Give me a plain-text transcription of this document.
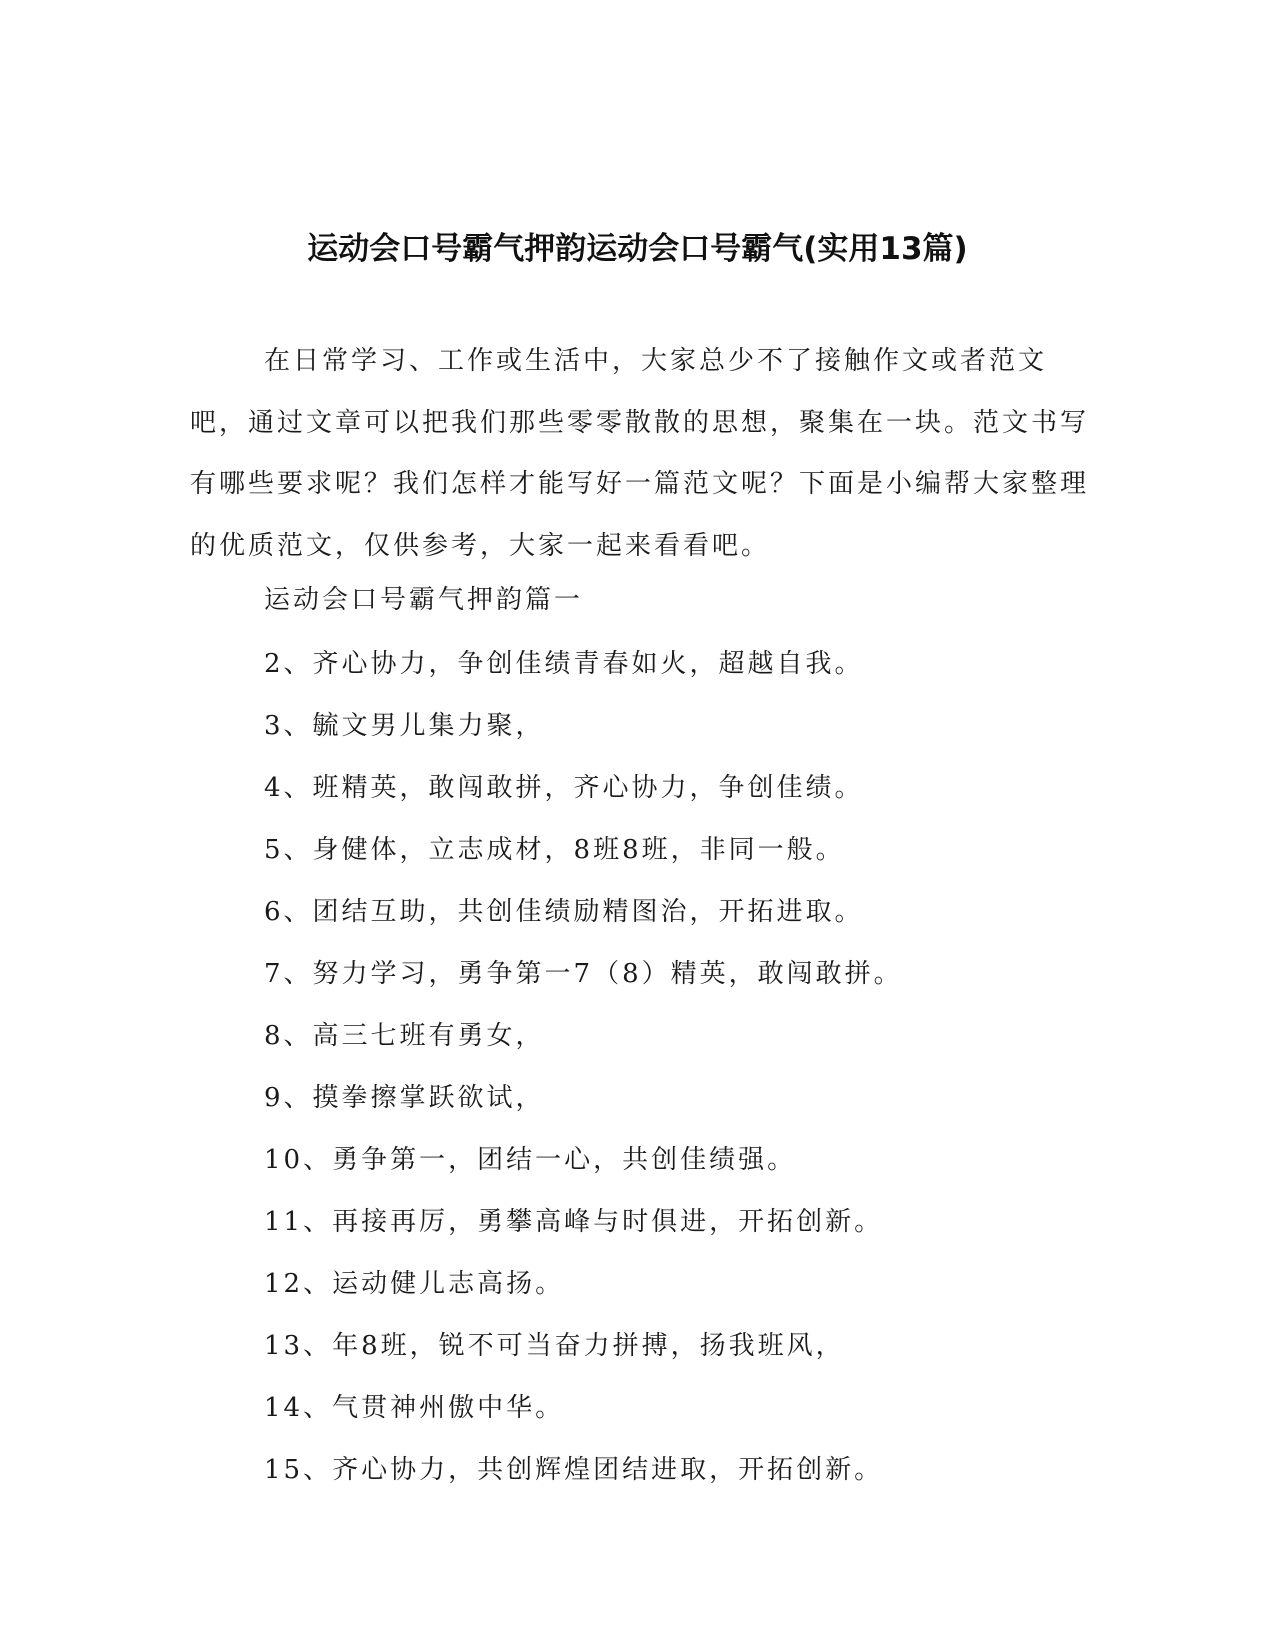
运动会口号霸气押韵运动会口号霸气(实用13篇)

在日常学习、工作或生活中，大家总少不了接触作文或者范文吧，通过文章可以把我们那些零零散散的思想，聚集在一块。范文书写有哪些要求呢？我们怎样才能写好一篇范文呢？下面是小编帮大家整理的优质范文，仅供参考，大家一起来看看吧。

运动会口号霸气押韵篇一

2、齐心协力，争创佳绩青春如火，超越自我。
3、毓文男儿集力聚，
4、班精英，敢闯敢拼，齐心协力，争创佳绩。
5、身健体，立志成材，8班8班，非同一般。
6、团结互助，共创佳绩励精图治，开拓进取。
7、努力学习，勇争第一7（8）精英，敢闯敢拼。
8、高三七班有勇女，
9、摸拳擦掌跃欲试，
10、勇争第一，团结一心，共创佳绩强。
11、再接再厉，勇攀高峰与时俱进，开拓创新。
12、运动健儿志高扬。
13、年8班，锐不可当奋力拼搏，扬我班风，
14、气贯神州傲中华。
15、齐心协力，共创辉煌团结进取，开拓创新。
